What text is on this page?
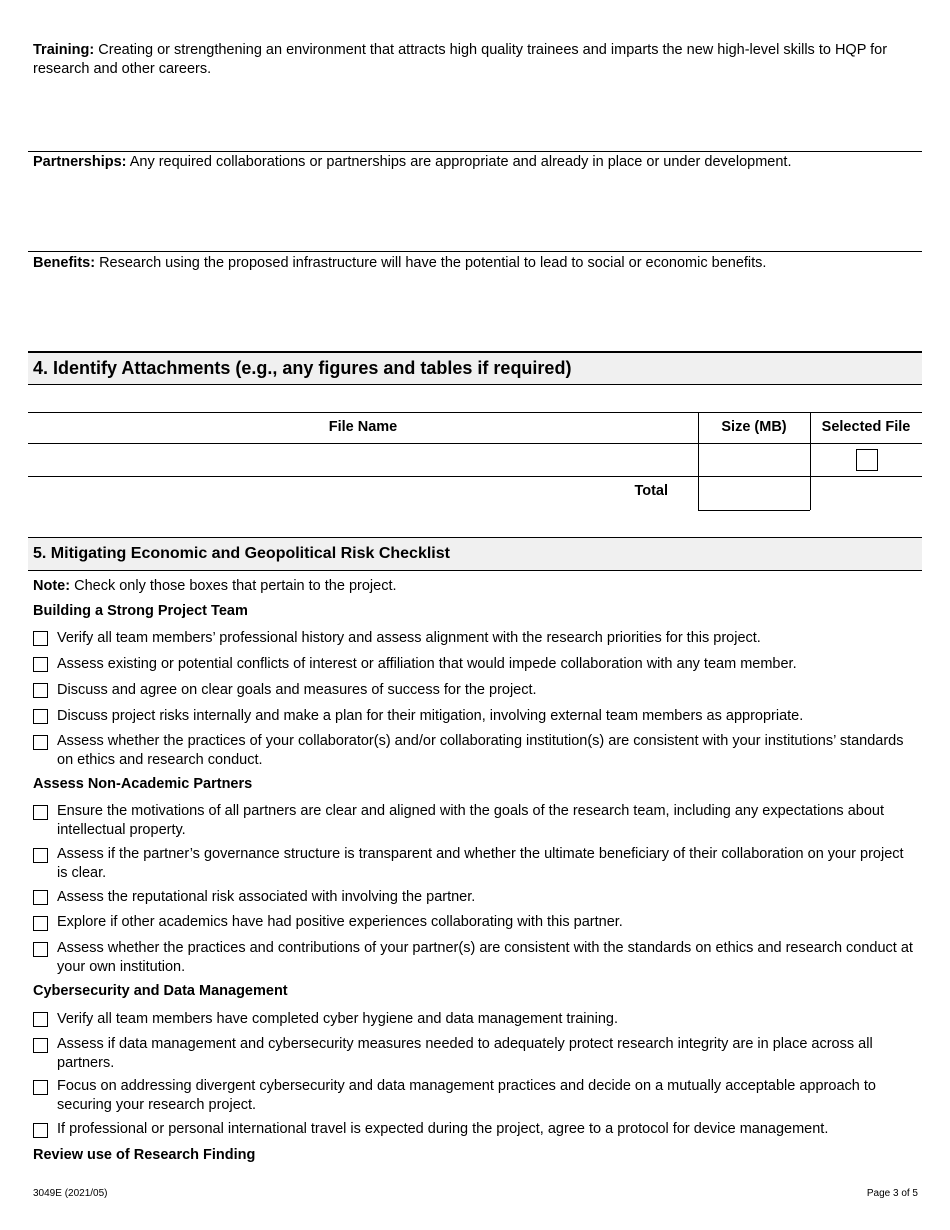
Training: Creating or strengthening an environment that attracts high quality trainees and imparts the new high-level skills to HQP for research and other careers.
Partnerships: Any required collaborations or partnerships are appropriate and already in place or under development.
Benefits: Research using the proposed infrastructure will have the potential to lead to social or economic benefits.
4. Identify Attachments (e.g., any figures and tables if required)
File Name	Size (MB)	Selected File
Total
5. Mitigating Economic and Geopolitical Risk Checklist
Note: Check only those boxes that pertain to the project.
Building a Strong Project Team
Verify all team members’ professional history and assess alignment with the research priorities for this project.
Assess existing or potential conflicts of interest or affiliation that would impede collaboration with any team member.
Discuss and agree on clear goals and measures of success for the project.
Discuss project risks internally and make a plan for their mitigation, involving external team members as appropriate.
Assess whether the practices of your collaborator(s) and/or collaborating institution(s) are consistent with your institutions’ standards on ethics and research conduct.
Assess Non-Academic Partners
Ensure the motivations of all partners are clear and aligned with the goals of the research team, including any expectations about intellectual property.
Assess if the partner’s governance structure is transparent and whether the ultimate beneficiary of their collaboration on your project is clear.
Assess the reputational risk associated with involving the partner.
Explore if other academics have had positive experiences collaborating with this partner.
Assess whether the practices and contributions of your partner(s) are consistent with the standards on ethics and research conduct at your own institution.
Cybersecurity and Data Management
Verify all team members have completed cyber hygiene and data management training.
Assess if data management and cybersecurity measures needed to adequately protect research integrity are in place across all partners.
Focus on addressing divergent cybersecurity and data management practices and decide on a mutually acceptable approach to securing your research project.
If professional or personal international travel is expected during the project, agree to a protocol for device management.
Review use of Research Finding
3049E (2021/05)	Page 3 of 5
